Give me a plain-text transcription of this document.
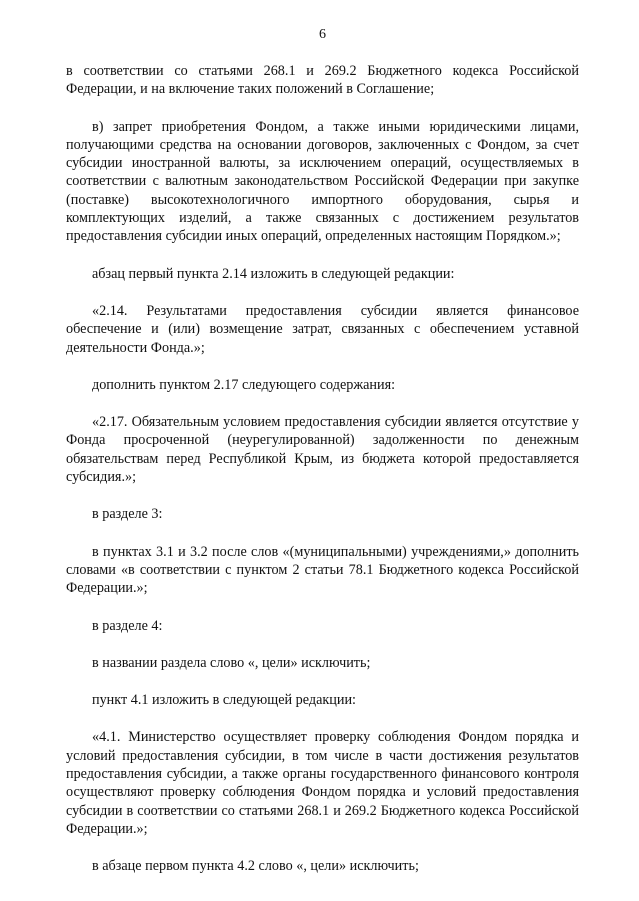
6

в соответствии со статьями 268.1 и 269.2 Бюджетного кодекса Российской Федерации, и на включение таких положений в Соглашение;

в) запрет приобретения Фондом, а также иными юридическими лицами, получающими средства на основании договоров, заключенных с Фондом, за счет субсидии иностранной валюты, за исключением операций, осуществляемых в соответствии с валютным законодательством Российской Федерации при закупке (поставке) высокотехнологичного импортного оборудования, сырья и комплектующих изделий, а также связанных с достижением результатов предоставления субсидии иных операций, определенных настоящим Порядком.»;

абзац первый пункта 2.14 изложить в следующей редакции:

«2.14. Результатами предоставления субсидии является финансовое обеспечение и (или) возмещение затрат, связанных с обеспечением уставной деятельности Фонда.»;

дополнить пунктом 2.17 следующего содержания:

«2.17. Обязательным условием предоставления субсидии является отсутствие у Фонда просроченной (неурегулированной) задолженности по денежным обязательствам перед Республикой Крым, из бюджета которой предоставляется субсидия.»;

в разделе 3:

в пунктах 3.1 и 3.2 после слов «(муниципальными) учреждениями,» дополнить словами «в соответствии с пунктом 2 статьи 78.1 Бюджетного кодекса Российской Федерации.»;

в разделе 4:

в названии раздела слово «, цели» исключить;

пункт 4.1 изложить в следующей редакции:

«4.1. Министерство осуществляет проверку соблюдения Фондом порядка и условий предоставления субсидии, в том числе в части достижения результатов предоставления субсидии, а также органы государственного финансового контроля осуществляют проверку соблюдения Фондом порядка и условий предоставления субсидии в соответствии со статьями 268.1 и 269.2 Бюджетного кодекса Российской Федерации.»;

в абзаце первом пункта 4.2 слово «, цели» исключить;
